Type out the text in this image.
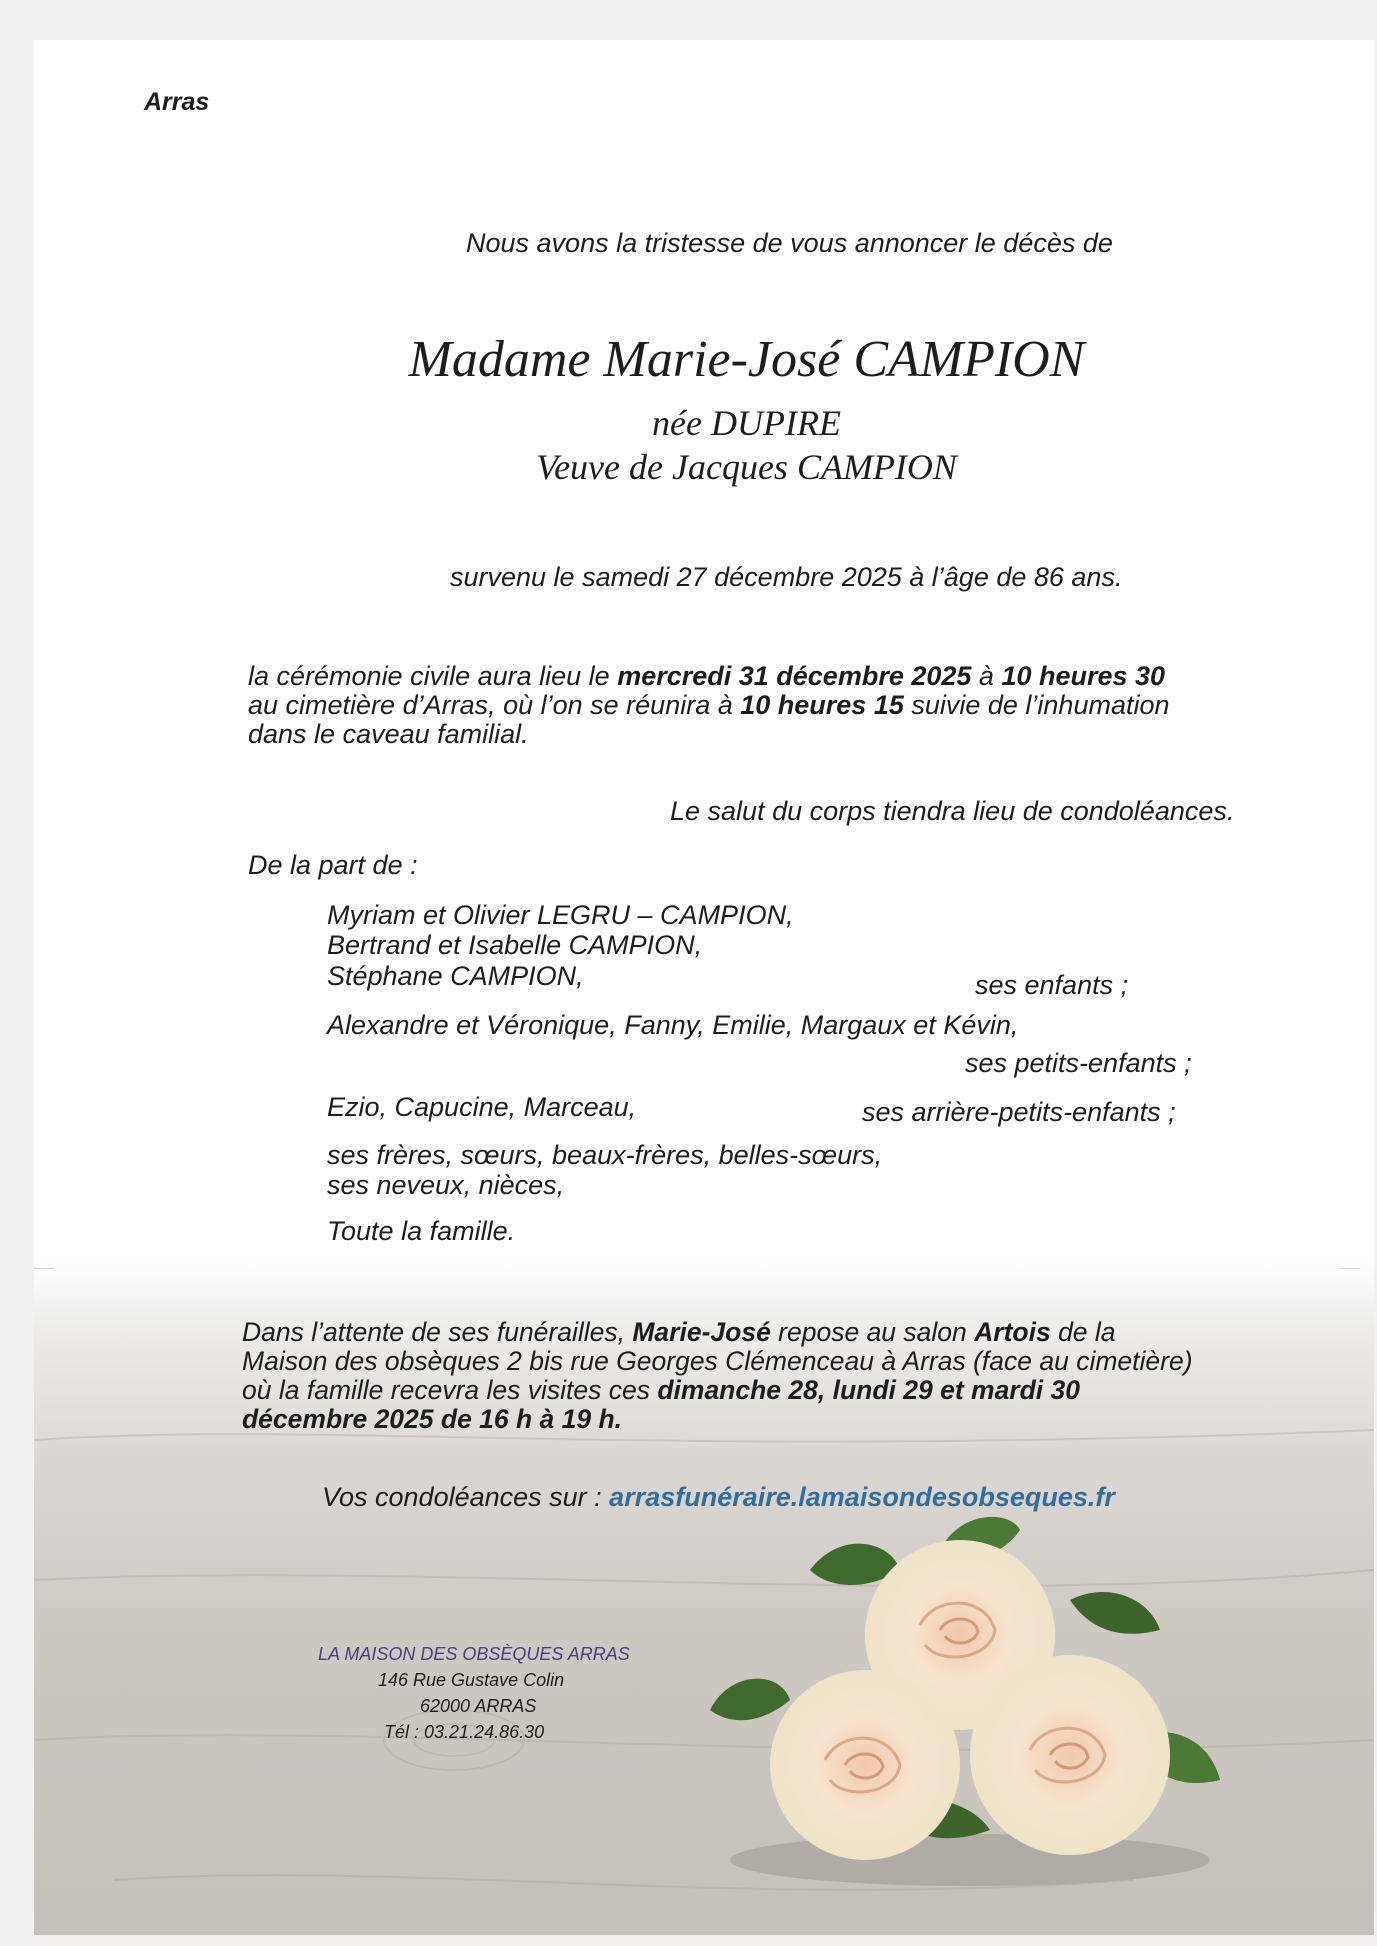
Arras

Nous avons la tristesse de vous annoncer le décès de

Madame Marie-José CAMPION

née DUPIRE

Veuve de Jacques CAMPION

survenu le samedi 27 décembre 2025 à l’âge de 86 ans.

la cérémonie civile aura lieu le mercredi 31 décembre 2025 à 10 heures 30
au cimetière d’Arras, où l’on se réunira à 10 heures 15 suivie de l’inhumation
dans le caveau familial.

Le salut du corps tiendra lieu de condoléances.

De la part de :

Myriam et Olivier LEGRU – CAMPION,

Bertrand et Isabelle CAMPION,

Stéphane CAMPION,	ses enfants ;

Alexandre et Véronique, Fanny, Emilie, Margaux et Kévin,

ses petits-enfants ;

Ezio, Capucine, Marceau,	ses arrière-petits-enfants ;

ses frères, sœurs, beaux-frères, belles-sœurs,

ses neveux, nièces,

Toute la famille.

Dans l’attente de ses funérailles, Marie-José repose au salon Artois de la
Maison des obsèques 2 bis rue Georges Clémenceau à Arras (face au cimetière)
où la famille recevra les visites ces dimanche 28, lundi 29 et mardi 30
décembre 2025 de 16 h à 19 h.

Vos condoléances sur : arrasfunéraire.lamaisondesobseques.fr

LA MAISON DES OBSÈQUES ARRAS

146 Rue Gustave Colin

62000 ARRAS

Tél : 03.21.24.86.30
